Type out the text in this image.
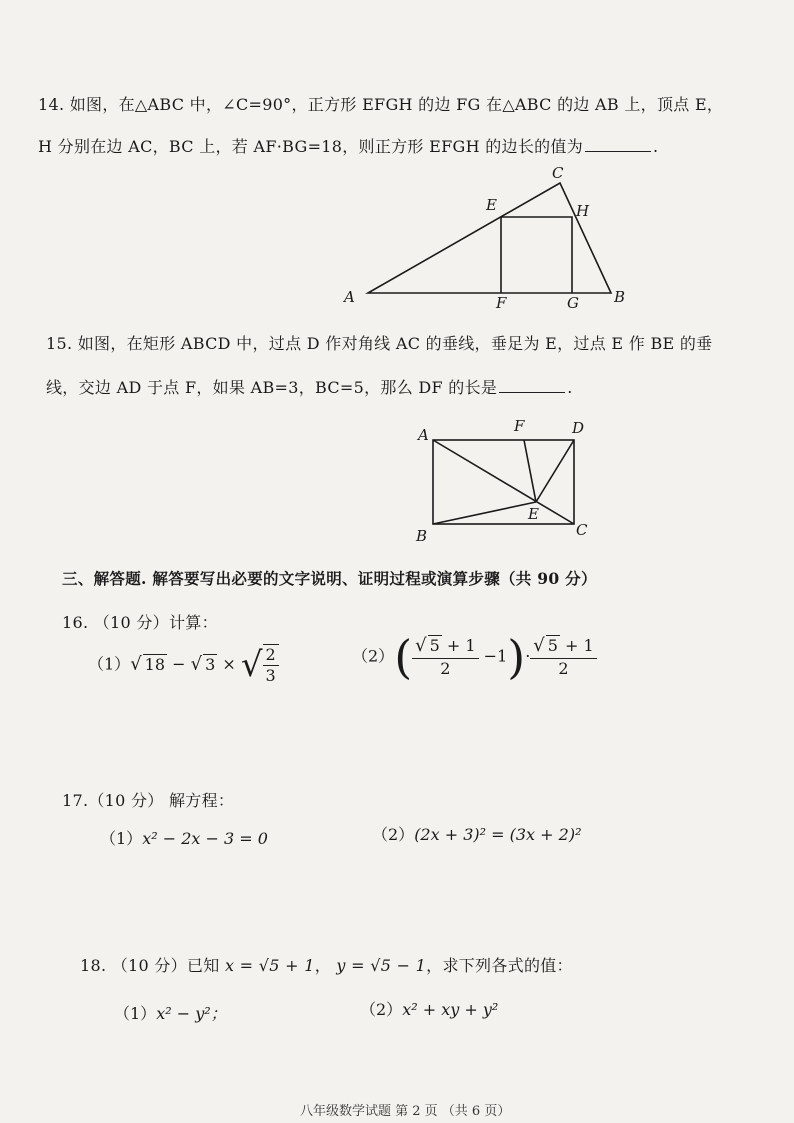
14. 如图，在△ABC 中，∠C=90°，正方形 EFGH 的边 FG 在△ABC 的边 AB 上，顶点 E，
H 分别在边 AC，BC 上，若 AF·BG=18，则正方形 EFGH 的边长的值为	.
A	B
C
E
F	G
H
15. 如图，在矩形 ABCD 中，过点 D 作对角线 AC 的垂线，垂足为 E，过点 E 作 BE 的垂
线，交边 AD 于点 F，如果 AB=3，BC=5，那么 DF 的长是	.
A
B	C
D
E
F
三、解答题. 解答要写出必要的文字说明、证明过程或演算步骤（共 90 分）
16. （10 分）计算：
（1）√ 18 − √ 3 × √ $\frac{2}{3}$	$(2)( \frac{√ 5 + 1}{2} -1)\cdot \frac{√ 5 + 1}{2}$
17.（10 分） 解方程：
（1）x² − 2x − 3 = 0	（2）(2x + 3)² = (3x + 2)²
18. （10 分）已知 x = √5 + 1， y = √5 − 1，求下列各式的值：
（1）x² − y²；	（2）x² + xy + y²
八年级数学试题 第 2 页 （共 6 页）
